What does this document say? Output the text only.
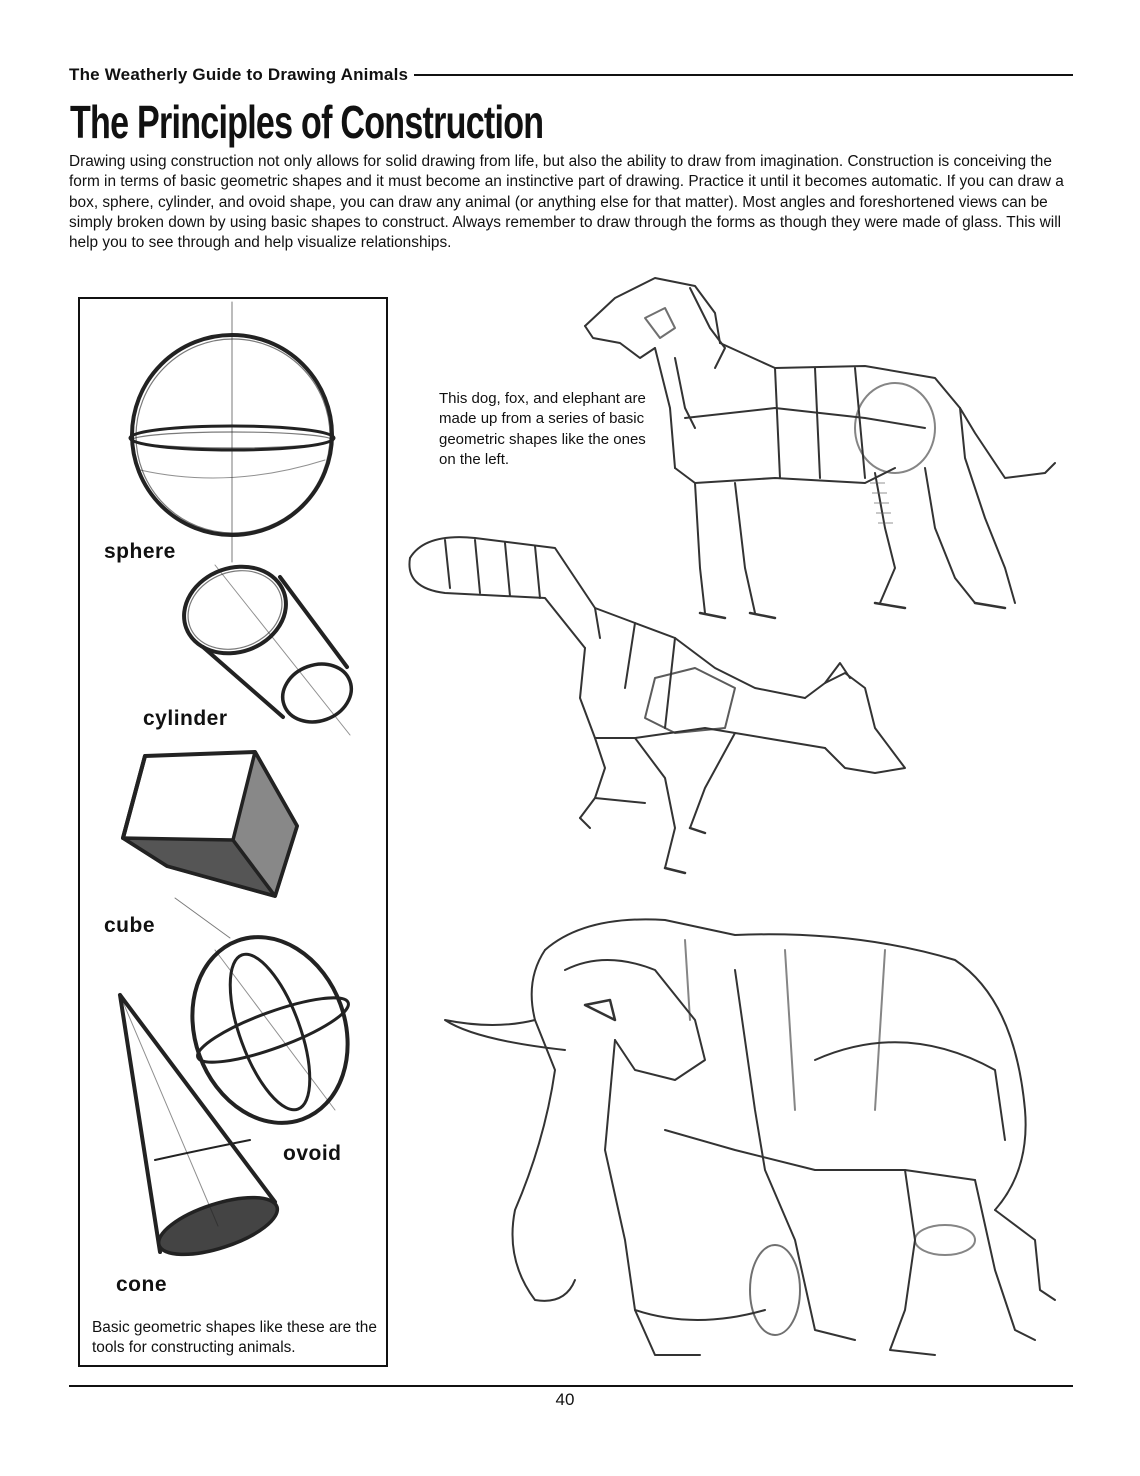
The Weatherly Guide to Drawing Animals
The Principles of Construction

Drawing using construction not only allows for solid drawing from life, but also the ability to draw from imagination. Construction is conceiving the form in terms of basic geometric shapes and it must become an instinctive part of drawing. Practice it until it becomes automatic. If you can draw a box, sphere, cylinder, and ovoid shape, you can draw any animal (or anything else for that matter). Most angles and foreshortened views can be simply broken down by using basic shapes to construct. Always remember to draw through the forms as though they were made of glass. This will help you to see through and help visualize relationships.

sphere
cylinder
cube
ovoid
cone

Basic geometric shapes like these are the tools for constructing animals.

This dog, fox, and elephant are made up from a series of basic geometric shapes like the ones on the left.

40
